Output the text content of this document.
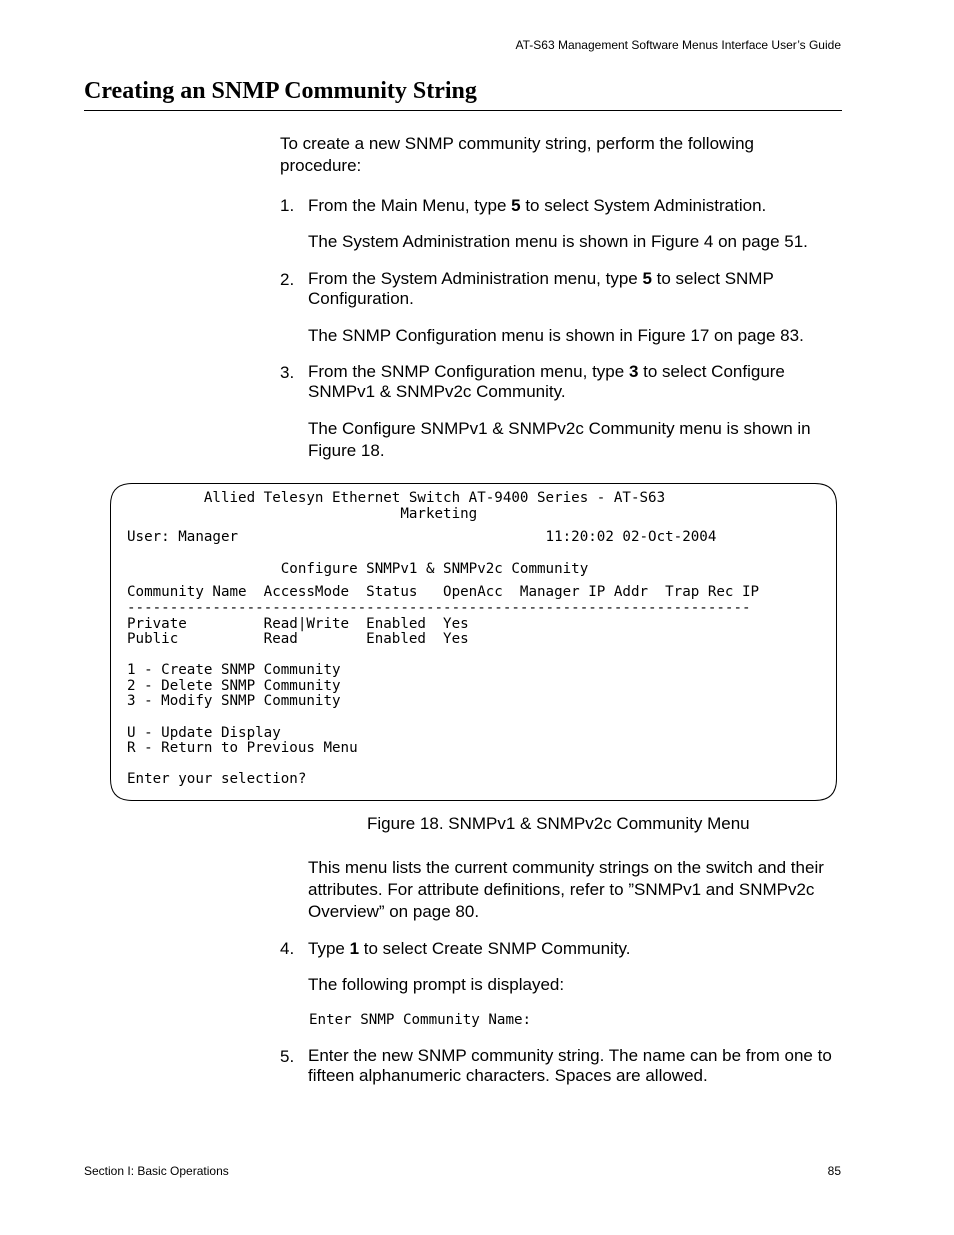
AT-S63 Management Software Menus Interface User’s Guide
Creating an SNMP Community String

To create a new SNMP community string, perform the following procedure:

1. From the Main Menu, type 5 to select System Administration.

The System Administration menu is shown in Figure 4 on page 51.

2. From the System Administration menu, type 5 to select SNMP Configuration.

The SNMP Configuration menu is shown in Figure 17 on page 83.

3. From the SNMP Configuration menu, type 3 to select Configure SNMPv1 & SNMPv2c Community.

The Configure SNMPv1 & SNMPv2c Community menu is shown in Figure 18.

Allied Telesyn Ethernet Switch AT-9400 Series - AT-S63
Marketing
User: Manager                                    11:20:02 02-Oct-2004
Configure SNMPv1 & SNMPv2c Community
Community Name  AccessMode  Status   OpenAcc  Manager IP Addr  Trap Rec IP
-------------------------------------------------------------------------
Private         Read|Write  Enabled  Yes
Public          Read        Enabled  Yes
1 - Create SNMP Community
2 - Delete SNMP Community
3 - Modify SNMP Community
U - Update Display
R - Return to Previous Menu
Enter your selection?
Figure 18. SNMPv1 & SNMPv2c Community Menu

This menu lists the current community strings on the switch and their attributes. For attribute definitions, refer to ”SNMPv1 and SNMPv2c Overview” on page 80.

4. Type 1 to select Create SNMP Community.

The following prompt is displayed:

Enter SNMP Community Name:
5. Enter the new SNMP community string. The name can be from one to fifteen alphanumeric characters. Spaces are allowed.

Section I: Basic Operations	85
